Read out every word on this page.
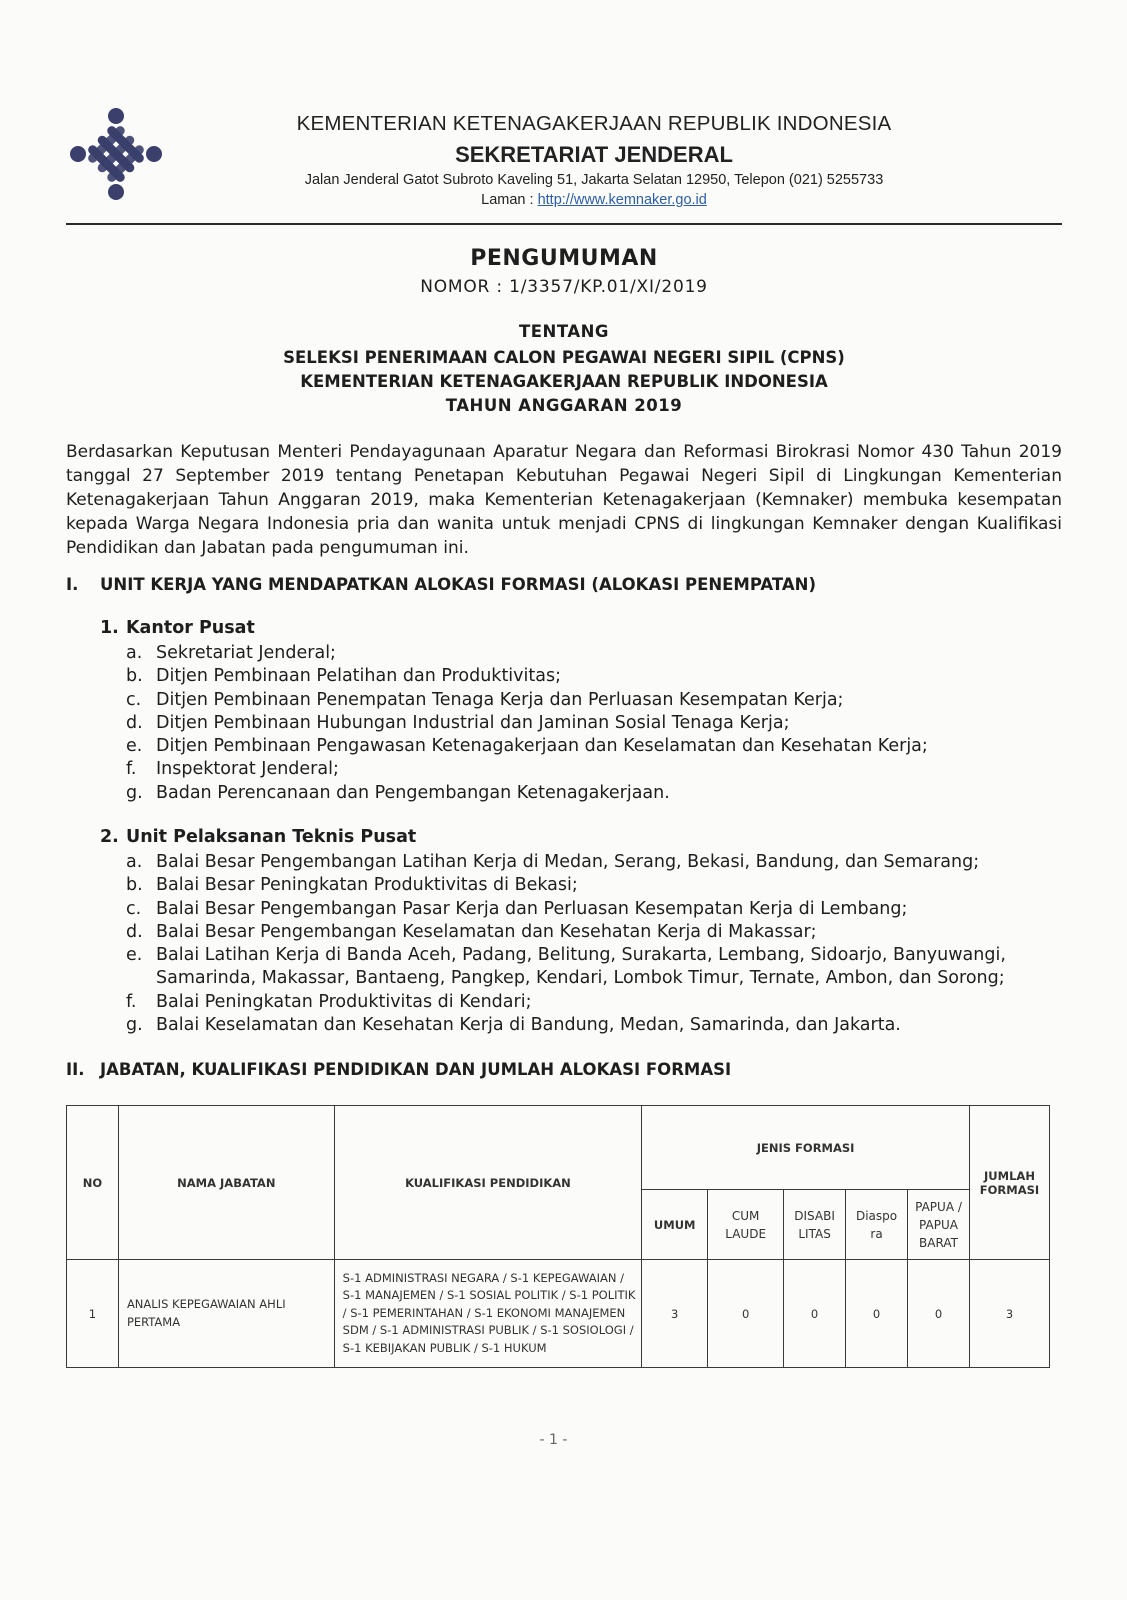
KEMENTERIAN KETENAGAKERJAAN REPUBLIK INDONESIA
SEKRETARIAT JENDERAL
Jalan Jenderal Gatot Subroto Kaveling 51, Jakarta Selatan 12950, Telepon (021) 5255733
Laman : http://www.kemnaker.go.id
PENGUMUMAN
NOMOR : 1/3357/KP.01/XI/2019
TENTANG
SELEKSI PENERIMAAN CALON PEGAWAI NEGERI SIPIL (CPNS)
KEMENTERIAN KETENAGAKERJAAN REPUBLIK INDONESIA
TAHUN ANGGARAN 2019
Berdasarkan Keputusan Menteri Pendayagunaan Aparatur Negara dan Reformasi Birokrasi Nomor 430 Tahun 2019 tanggal 27 September 2019 tentang Penetapan Kebutuhan Pegawai Negeri Sipil di Lingkungan Kementerian Ketenagakerjaan Tahun Anggaran 2019, maka Kementerian Ketenagakerjaan (Kemnaker) membuka kesempatan kepada Warga Negara Indonesia pria dan wanita untuk menjadi CPNS di lingkungan Kemnaker dengan Kualifikasi Pendidikan dan Jabatan pada pengumuman ini.
I. UNIT KERJA YANG MENDAPATKAN ALOKASI FORMASI (ALOKASI PENEMPATAN)
1. Kantor Pusat
a. Sekretariat Jenderal;
b. Ditjen Pembinaan Pelatihan dan Produktivitas;
c. Ditjen Pembinaan Penempatan Tenaga Kerja dan Perluasan Kesempatan Kerja;
d. Ditjen Pembinaan Hubungan Industrial dan Jaminan Sosial Tenaga Kerja;
e. Ditjen Pembinaan Pengawasan Ketenagakerjaan dan Keselamatan dan Kesehatan Kerja;
f.	Inspektorat Jenderal;
g. Badan Perencanaan dan Pengembangan Ketenagakerjaan.
2. Unit Pelaksanan Teknis Pusat
a. Balai Besar Pengembangan Latihan Kerja di Medan, Serang, Bekasi, Bandung, dan Semarang;
b. Balai Besar Peningkatan Produktivitas di Bekasi;
c. Balai Besar Pengembangan Pasar Kerja dan Perluasan Kesempatan Kerja di Lembang;
d. Balai Besar Pengembangan Keselamatan dan Kesehatan Kerja di Makassar;
e. Balai Latihan Kerja di Banda Aceh, Padang, Belitung, Surakarta, Lembang, Sidoarjo, Banyuwangi, Samarinda, Makassar, Bantaeng, Pangkep, Kendari, Lombok Timur, Ternate, Ambon, dan Sorong;
f.	Balai Peningkatan Produktivitas di Kendari;
g. Balai Keselamatan dan Kesehatan Kerja di Bandung, Medan, Samarinda, dan Jakarta.
II. JABATAN, KUALIFIKASI PENDIDIKAN DAN JUMLAH ALOKASI FORMASI
NO	NAMA JABATAN	KUALIFIKASI PENDIDIKAN	JENIS FORMASI					JUMLAH FORMASI
			UMUM	CUM LAUDE	DISABI LITAS	Diaspo ra	PAPUA / PAPUA BARAT	
1	ANALIS KEPEGAWAIAN AHLI PERTAMA	S-1 ADMINISTRASI NEGARA / S-1 KEPEGAWAIAN / S-1 MANAJEMEN / S-1 SOSIAL POLITIK / S-1 POLITIK / S-1 PEMERINTAHAN / S-1 EKONOMI MANAJEMEN SDM / S-1 ADMINISTRASI PUBLIK / S-1 SOSIOLOGI / S-1 KEBIJAKAN PUBLIK / S-1 HUKUM	3	0	0	0	0	3
- 1 -
